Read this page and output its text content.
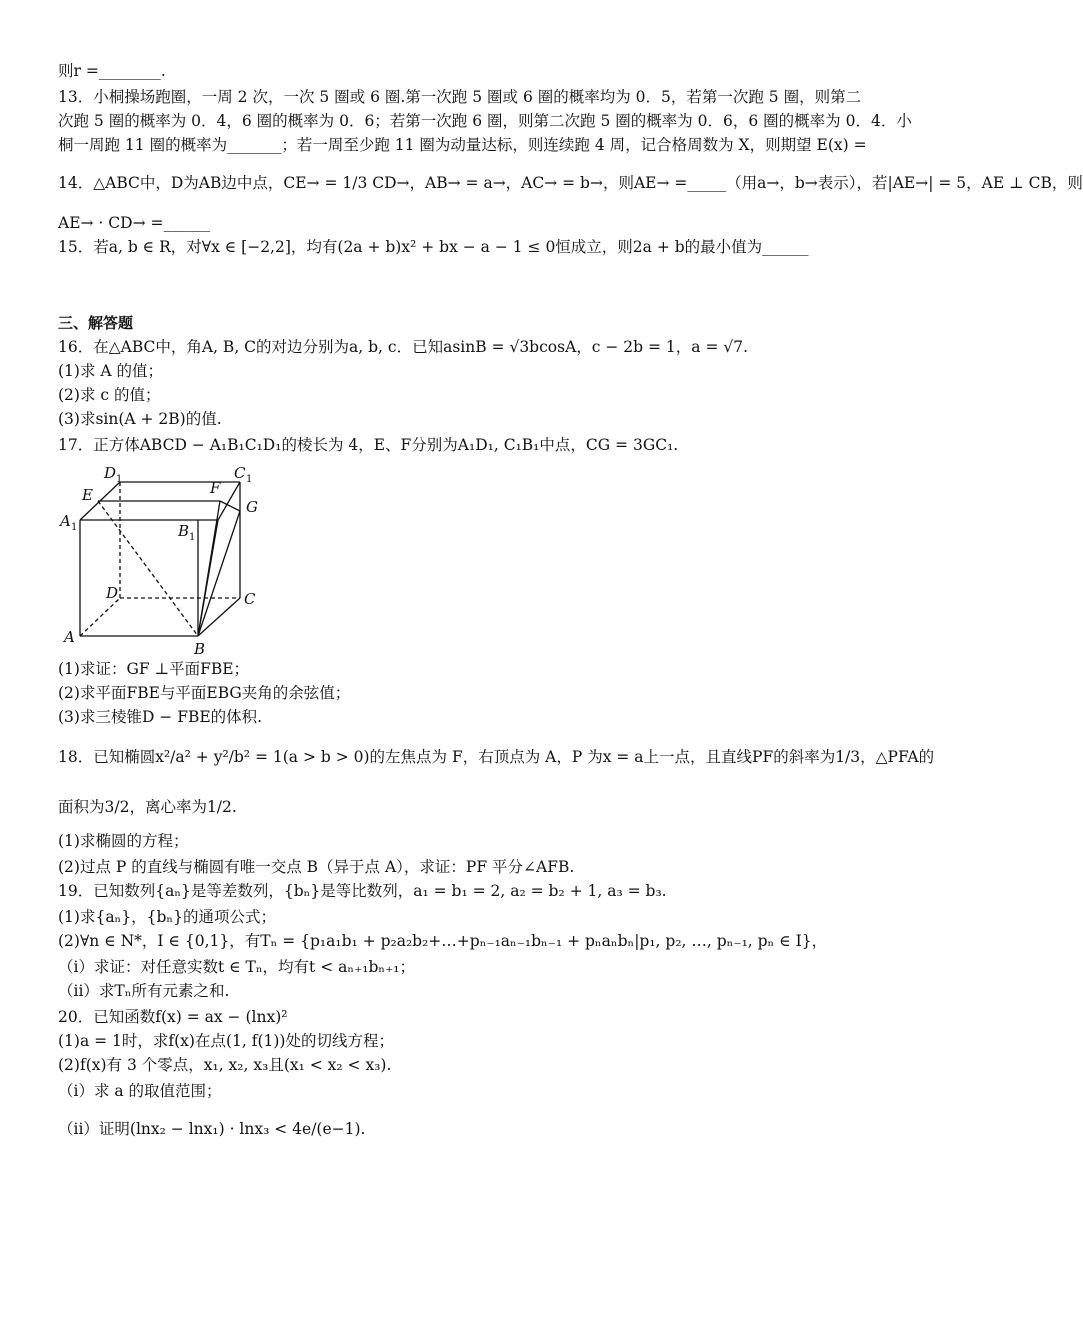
则r =________.
13．小桐操场跑圈，一周 2 次，一次 5 圈或 6 圈.第一次跑 5 圈或 6 圈的概率均为 0．5，若第一次跑 5 圈，则第二
次跑 5 圈的概率为 0．4，6 圈的概率为 0．6；若第一次跑 6 圈，则第二次跑 5 圈的概率为 0．6，6 圈的概率为 0．4．小
桐一周跑 11 圈的概率为_______；若一周至少跑 11 圈为动量达标，则连续跑 4 周，记合格周数为 X，则期望 E(x) =
14．△ABC中，D为AB边中点，CE→ = 1/3 CD→，AB→ = a→，AC→ = b→，则AE→ =_____（用a→，b→表示），若|AE→| = 5，AE ⊥ CB，则
AE→ · CD→ =______
15．若a, b ∈ R，对∀x ∈ [−2,2]，均有(2a + b)x² + bx − a − 1 ≤ 0恒成立，则2a + b的最小值为______
三、解答题
16．在△ABC中，角A, B, C的对边分别为a, b, c．已知asinB = √3bcosA，c − 2b = 1，a = √7.
(1)求 A 的值；
(2)求 c 的值；
(3)求sin(A + 2B)的值.
17．正方体ABCD − A₁B₁C₁D₁的棱长为 4，E、F分别为A₁D₁, C₁B₁中点，CG = 3GC₁.
D 1	C 1
E	F
G
A 1	B 1
D	C
A
B
(1)求证：GF ⊥平面FBE；
(2)求平面FBE与平面EBG夹角的余弦值；
(3)求三棱锥D − FBE的体积.
18．已知椭圆x²/a² + y²/b² = 1(a > b > 0)的左焦点为 F，右顶点为 A，P 为x = a上一点，且直线PF的斜率为1/3，△PFA的
面积为3/2，离心率为1/2.
(1)求椭圆的方程；
(2)过点 P 的直线与椭圆有唯一交点 B（异于点 A），求证：PF 平分∠AFB.
19．已知数列{aₙ}是等差数列，{bₙ}是等比数列，a₁ = b₁ = 2, a₂ = b₂ + 1, a₃ = b₃.
(1)求{aₙ}，{bₙ}的通项公式；
(2)∀n ∈ N*，I ∈ {0,1}，有Tₙ = {p₁a₁b₁ + p₂a₂b₂+…+pₙ₋₁aₙ₋₁bₙ₋₁ + pₙaₙbₙ|p₁, p₂, …, pₙ₋₁, pₙ ∈ I}，
（i）求证：对任意实数t ∈ Tₙ，均有t < aₙ₊₁bₙ₊₁；
（ii）求Tₙ所有元素之和.
20．已知函数f(x) = ax − (lnx)²
(1)a = 1时，求f(x)在点(1, f(1))处的切线方程；
(2)f(x)有 3 个零点，x₁, x₂, x₃且(x₁ < x₂ < x₃).
（i）求 a 的取值范围；
（ii）证明(lnx₂ − lnx₁) · lnx₃ < 4e/(e−1).
